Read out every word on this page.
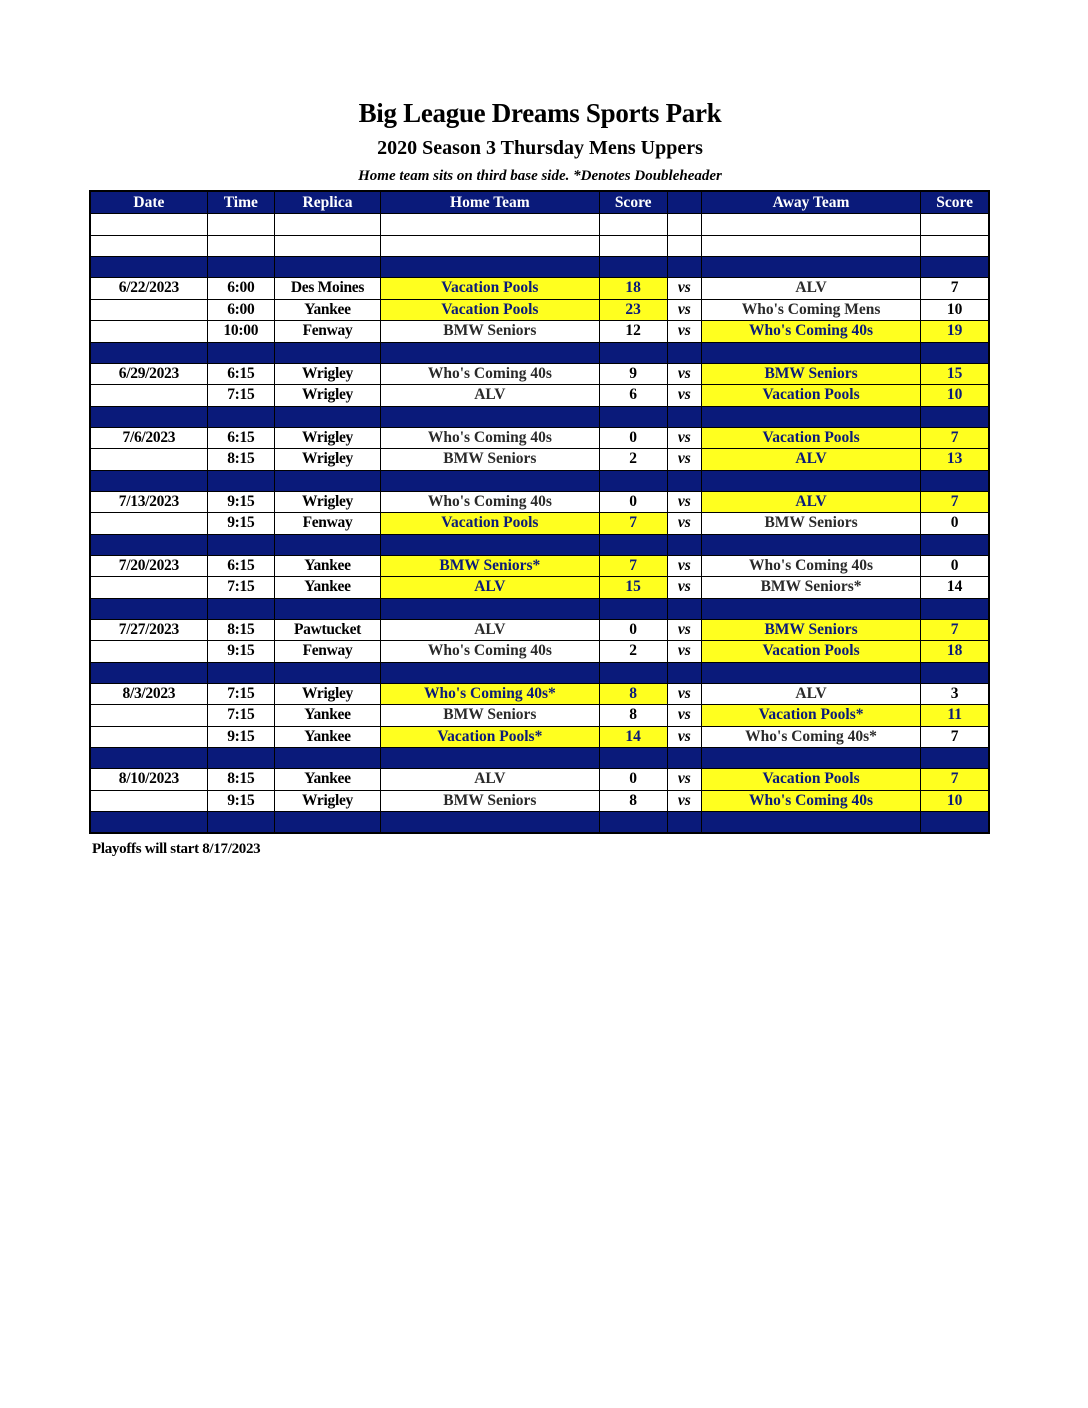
Big League Dreams Sports Park
2020 Season 3 Thursday Mens Uppers
Home team sits on third base side. *Denotes Doubleheader
Date	Time	Replica	Home Team	Score		Away Team	Score

6/22/2023	6:00	Des Moines	Vacation Pools	18	vs	ALV	7
	6:00	Yankee	Vacation Pools	23	vs	Who's Coming Mens	10
	10:00	Fenway	BMW Seniors	12	vs	Who's Coming 40s	19

6/29/2023	6:15	Wrigley	Who's Coming 40s	9	vs	BMW Seniors	15
	7:15	Wrigley	ALV	6	vs	Vacation Pools	10

7/6/2023	6:15	Wrigley	Who's Coming 40s	0	vs	Vacation Pools	7
	8:15	Wrigley	BMW Seniors	2	vs	ALV	13

7/13/2023	9:15	Wrigley	Who's Coming 40s	0	vs	ALV	7
	9:15	Fenway	Vacation Pools	7	vs	BMW Seniors	0

7/20/2023	6:15	Yankee	BMW Seniors*	7	vs	Who's Coming 40s	0
	7:15	Yankee	ALV	15	vs	BMW Seniors*	14

7/27/2023	8:15	Pawtucket	ALV	0	vs	BMW Seniors	7
	9:15	Fenway	Who's Coming 40s	2	vs	Vacation Pools	18

8/3/2023	7:15	Wrigley	Who's Coming 40s*	8	vs	ALV	3
	7:15	Yankee	BMW Seniors	8	vs	Vacation Pools*	11
	9:15	Yankee	Vacation Pools*	14	vs	Who's Coming 40s*	7

8/10/2023	8:15	Yankee	ALV	0	vs	Vacation Pools	7
	9:15	Wrigley	BMW Seniors	8	vs	Who's Coming 40s	10

Playoffs will start 8/17/2023
